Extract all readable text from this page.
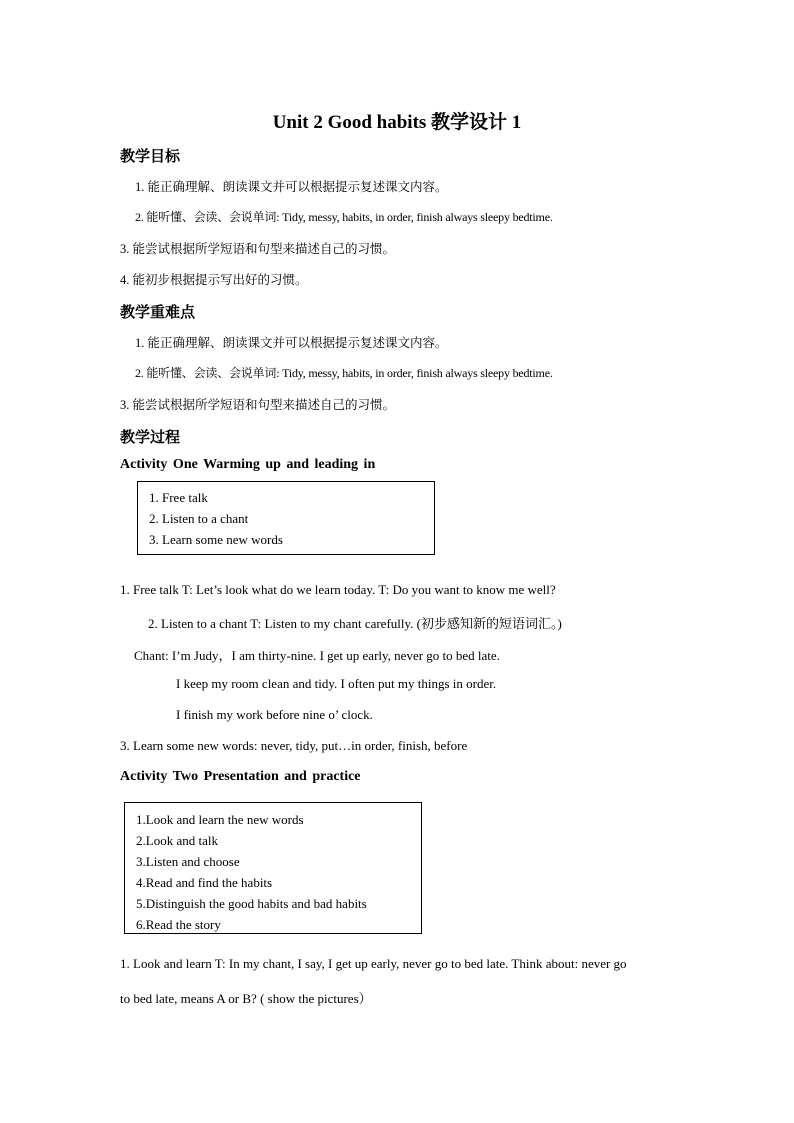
Unit 2 Good habits 教学设计 1
教学目标
1. 能正确理解、朗读课文并可以根据提示复述课文内容。
2. 能听懂、会读、会说单词: Tidy, messy, habits, in order, finish always sleepy bedtime.
3. 能尝试根据所学短语和句型来描述自己的习惯。
4. 能初步根据提示写出好的习惯。
教学重难点
1. 能正确理解、朗读课文并可以根据提示复述课文内容。
2. 能听懂、会读、会说单词: Tidy, messy, habits, in order, finish always sleepy bedtime.
3. 能尝试根据所学短语和句型来描述自己的习惯。
教学过程
Activity One Warming up and leading in
1. Free talk
2. Listen to a chant
3. Learn some new words
1. Free talk T: Let’s look what do we learn today. T: Do you want to know me well?
2. Listen to a chant T: Listen to my chant carefully. (初步感知新的短语词汇。)
Chant: I’m Judy，I am thirty-nine. I get up early, never go to bed late.
I keep my room clean and tidy. I often put my things in order.
I finish my work before nine o’ clock.
3. Learn some new words: never, tidy, put…in order, finish, before
Activity Two Presentation and practice
1.Look and learn the new words
2.Look and talk
3.Listen and choose
4.Read and find the habits
5.Distinguish the good habits and bad habits
6.Read the story
1. Look and learn T: In my chant, I say, I get up early, never go to bed late. Think about: never go
to bed late, means A or B? ( show the pictures）
